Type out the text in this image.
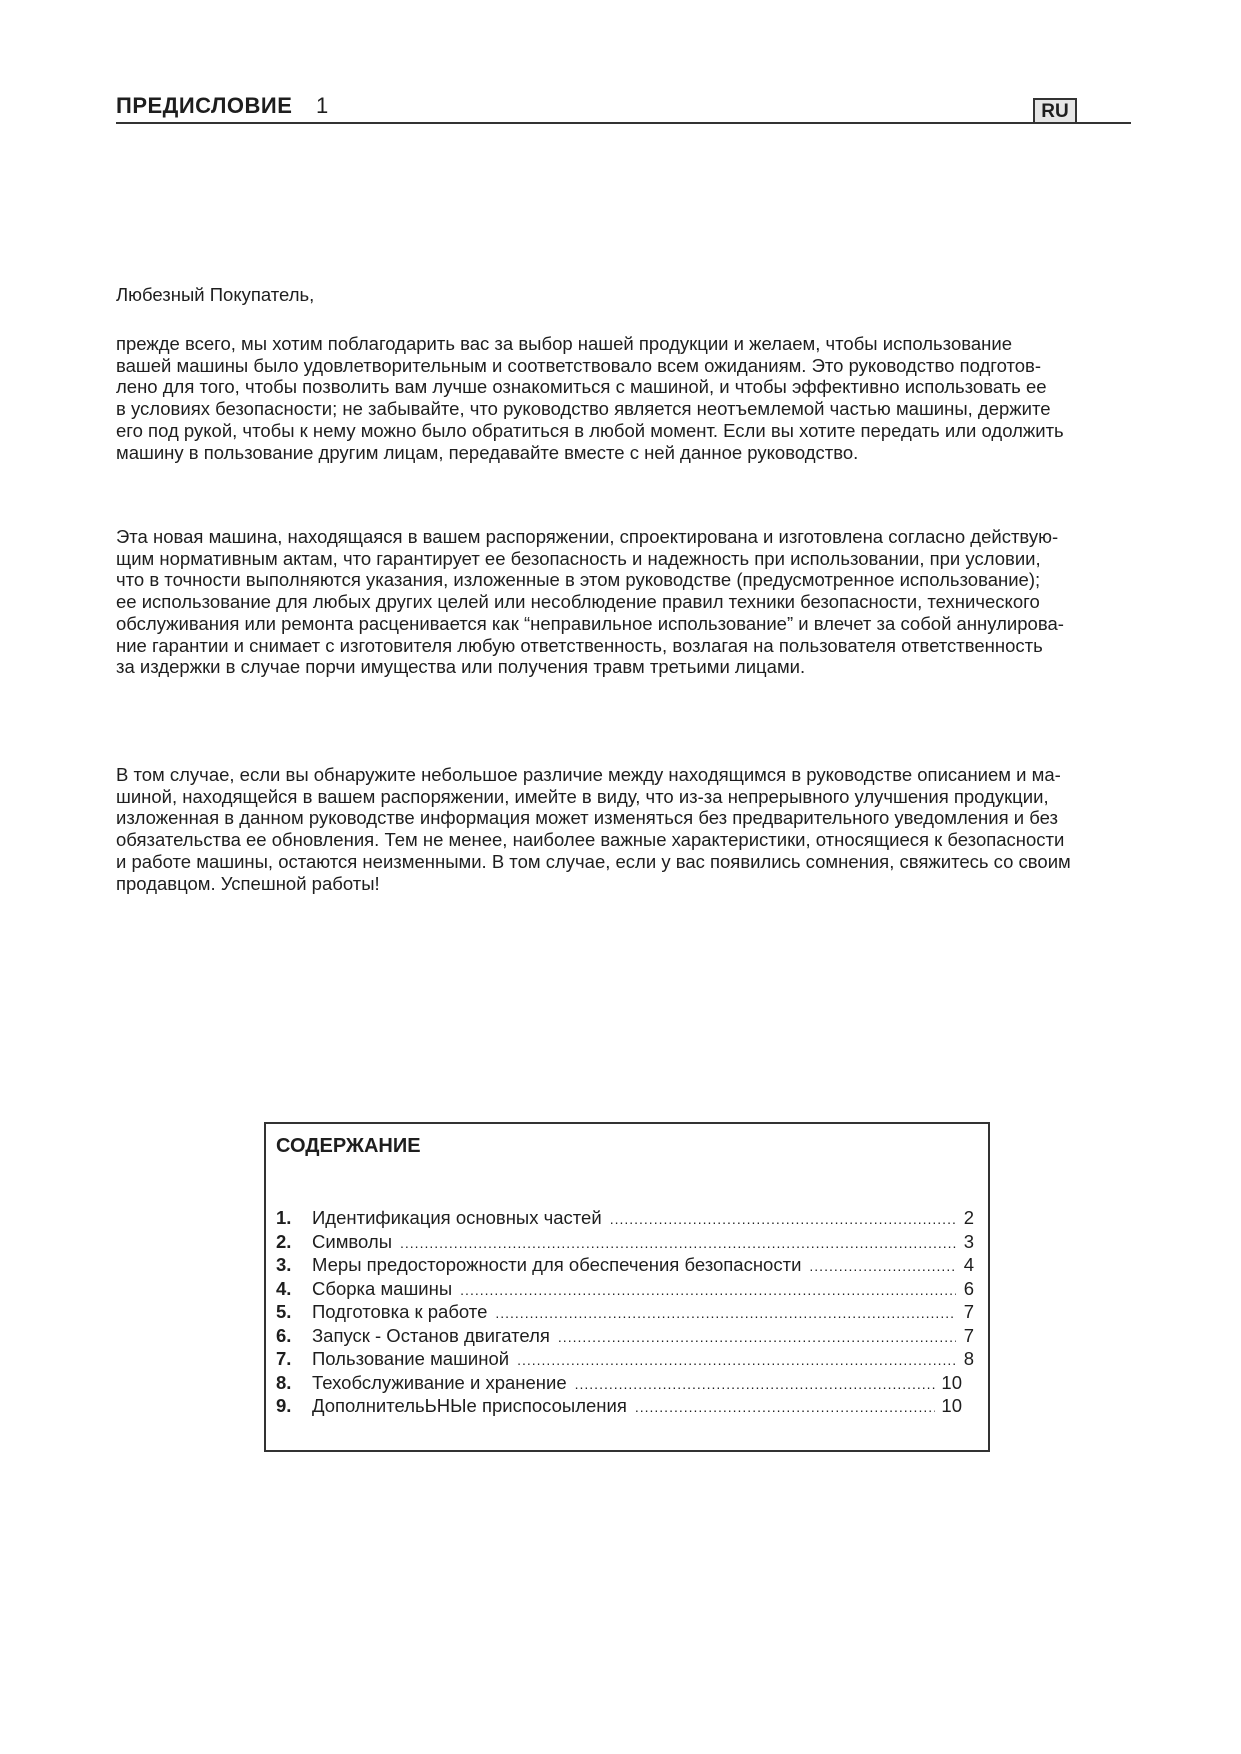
ПРЕДИСЛОВИЕ 1	RU

Любезный Покупатель,

прежде всего, мы хотим поблагодарить вас за выбор нашей продукции и желаем, чтобы использование
вашей машины было удовлетворительным и соответствовало всем ожиданиям. Это руководство подготов-
лено для того, чтобы позволить вам лучше ознакомиться с машиной, и чтобы эффективно использовать ее
в условиях безопасности; не забывайте, что руководство является неотъемлемой частью машины, держите
его под рукой, чтобы к нему можно было обратиться в любой момент. Если вы хотите передать или одолжить
машину в пользование другим лицам, передавайте вместе с ней данное руководство.

Эта новая машина, находящаяся в вашем распоряжении, спроектирована и изготовлена согласно действую-
щим нормативным актам, что гарантирует ее безопасность и надежность при использовании, при условии,
что в точности выполняются указания, изложенные в этом руководстве (предусмотренное использование);
ее использование для любых других целей или несоблюдение правил техники безопасности, технического
обслуживания или ремонта расценивается как “неправильное использование” и влечет за собой аннулирова-
ние гарантии и снимает с изготовителя любую ответственность, возлагая на пользователя ответственность
за издержки в случае порчи имущества или получения травм третьими лицами.

В том случае, если вы обнаружите небольшое различие между находящимся в руководстве описанием и ма-
шиной, находящейся в вашем распоряжении, имейте в виду, что из-за непрерывного улучшения продукции,
изложенная в данном руководстве информация может изменяться без предварительного уведомления и без
обязательства ее обновления. Тем не менее, наиболее важные характеристики, относящиеся к безопасности
и работе машины, остаются неизменными. В том случае, если у вас появились сомнения, свяжитесь со своим
продавцом. Успешной работы!

СОДЕРЖАНИЕ
1.	Идентификация основных частей .....	2
2.	Символы .....	3
3.	Меры предосторожности для обеспечения безопасности .....	4
4.	Сборка машины .....	6
5.	Подготовка к работе .....	7
6.	Запуск - Останов двигателя .....	7
7.	Пользование машиной .....	8
8.	Техобслуживание и хранение .....	10
9.	ДополнительЬНЫе приспосоыления .....	10
